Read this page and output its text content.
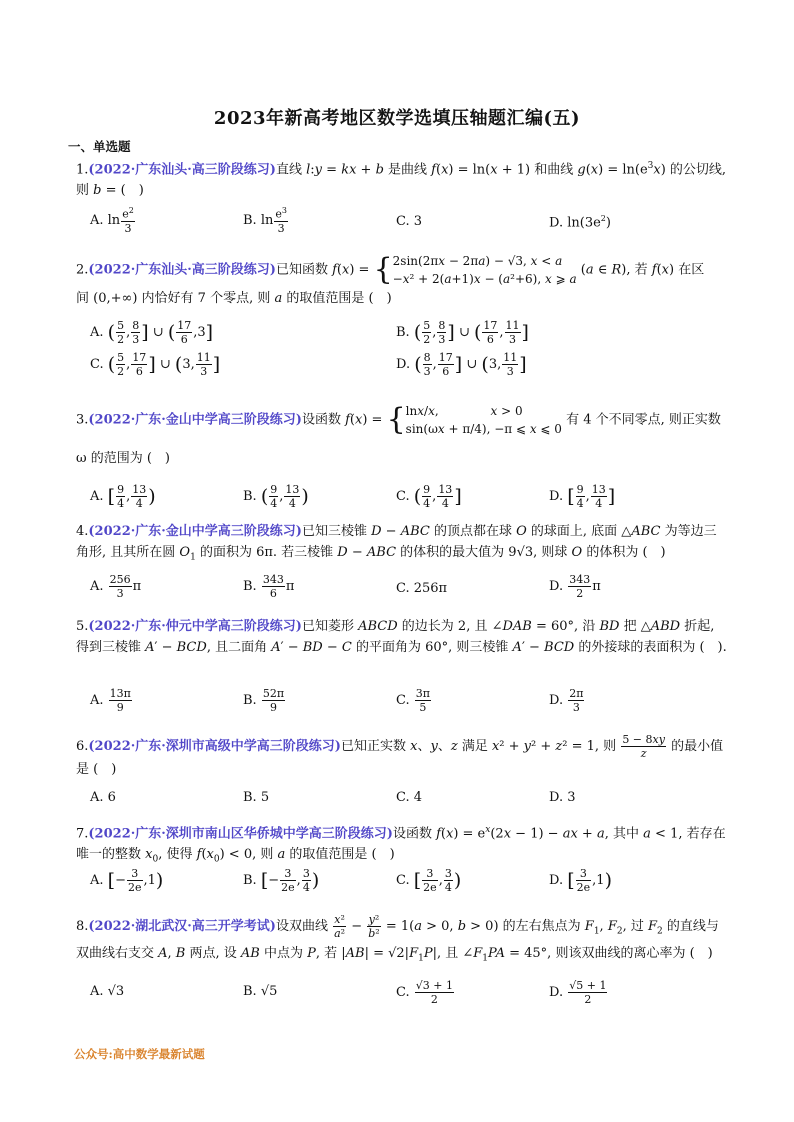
2023年新高考地区数学选填压轴题汇编(五)
一、单选题
1.(2022·广东汕头·高三阶段练习)直线 l:y = kx + b 是曲线 f(x) = ln(x + 1) 和曲线 $g(x) = \ln(e^3x)$ 的公切线,
则 b = (　)
A. $\ln \frac{e^2}{3}$	B. $\ln \frac{e^3}{3}$	C. 3	D. $\ln(3e^2)$
2.(2022·广东汕头·高三阶段练习)已知函数 f(x) = {2sin(2πx − 2πa) − √3, x < a
−x² + 2(a+1)x − (a²+6), x ⩾ a (a ∈ R), 若 f(x) 在区
间 (0,+∞) 内恰好有 7 个零点, 则 a 的取值范围是 (　)
A. ( $\frac{5}{2}$ , $\frac{8}{3}$ ] ∪ ( $\frac{17}{6} ,3$]	B. ( $\frac{5}{2}$ , $\frac{8}{3}$ ] ∪ ( $\frac{17}{6}$ , $\frac{11}{3}$ ]
C. ( $\frac{5}{2}$ , $\frac{17}{6}$ ] ∪ (3, $\frac{11}{3}$ ]	D. ( $\frac{8}{3}$ , $\frac{17}{6}$ ] ∪ (3, $\frac{11}{3}$ ]
3.(2022·广东·金山中学高三阶段练习)设函数 f(x) = {lnx/x,　　　　 x > 0
sin(ωx + π/4), −π ⩽ x ⩽ 0 有 4 个不同零点, 则正实数
ω 的范围为 (　)
A. [ $\frac{9}{4}$ , $\frac{13}{4}$ )	B. ( $\frac{9}{4}$ , $\frac{13}{4}$ )	C. ( $\frac{9}{4}$ , $\frac{13}{4}$ ]	D. [ $\frac{9}{4}$ , $\frac{13}{4}$ ]
4.(2022·广东·金山中学高三阶段练习)已知三棱锥 D − ABC 的顶点都在球 O 的球面上, 底面 △ABC 为等边三角形, 且其所在圆 $O_1$ 的面积为 6π. 若三棱锥 D − ABC 的体积的最大值为 9√3, 则球 O 的体积为 (　)
A. $\frac{256}{3}$ π	B. $\frac{343}{6}$ π	C. 256π	D. $\frac{343}{2}$ π
5.(2022·广东·仲元中学高三阶段练习)已知菱形 ABCD 的边长为 2, 且 ∠DAB = 60°, 沿 BD 把 △ABD 折起, 得到三棱锥 A′ − BCD, 且二面角 A′ − BD − C 的平面角为 60°, 则三棱锥 A′ − BCD 的外接球的表面积为 (　).
A. $\frac{13\pi}{9}$	B. $\frac{52\pi}{9}$	C. $\frac{3\pi}{5}$	D. $\frac{2\pi}{3}$
6.(2022·广东·深圳市高级中学高三阶段练习)已知正实数 x、y、z 满足 x² + y² + z² = 1, 则 $\frac{5 - 8xy}{z}$ 的最小值是 (　)
A. 6	B. 5	C. 4	D. 3
7.(2022·广东·深圳市南山区华侨城中学高三阶段练习)设函数 $f(x) = e^x(2x - 1)$ − ax + a, 其中 a < 1, 若存在唯一的整数 $x_0$, 使得 $f(x_0) < 0$, 则 a 的取值范围是 (　)
A. [− $\frac{3}{2e} ,1$)	B. [− $\frac{3}{2e}$ , $\frac{3}{4}$ )	C. [ $\frac{3}{2e}$ , $\frac{3}{4}$ )	D. [ $\frac{3}{2e} ,1$)
8.(2022·湖北武汉·高三开学考试)设双曲线 $\frac{\text{x²}}{\text{a²}} - \frac{\text{y²}}{\text{b²}} = 1(a > 0$, b > 0) 的左右焦点为 $F_1$, $F_2$, 过 $F_2$ 的直线与双曲线右支交 A, B 两点, 设 AB 中点为 P, 若 $|AB| = √2|F_1P|$, 且 $\angle F_1PA = 45^\circ$, 则该双曲线的离心率为 (　)
A. √3	B. √5	C. $\frac{√3 + 1}{2}$	D. $\frac{√5 + 1}{2}$
公众号:高中数学最新试题
